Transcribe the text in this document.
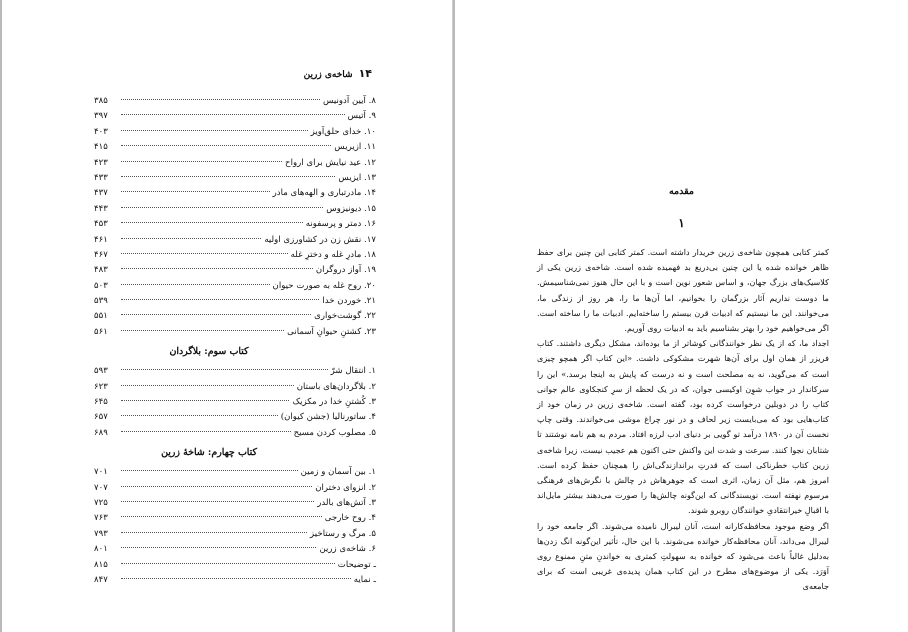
۱۴
شاخه‌ی زرین
۸. آیین آدونیس
۳۸۵
۹. آتیس
۳۹۷
۱۰. خدای حلق‌آویز
۴۰۳
۱۱. ازیریس
۴۱۵
۱۲. عید نیایش برای ارواح
۴۲۳
۱۳. ایزیس
۴۳۳
۱۴. مادرتباری و الهه‌های مادر
۴۳۷
۱۵. دیونیزوس
۴۴۳
۱۶. دمتر و پرسفونه
۴۵۳
۱۷. نقش زن در کشاورزی اولیه
۴۶۱
۱۸. مادرِ غله و دخترِ غله
۴۶۷
۱۹. آواز دروگران
۴۸۳
۲۰. روح غله به صورت حیوان
۵۰۳
۲۱. خوردن خدا
۵۳۹
۲۲. گوشت‌خواری
۵۵۱
۲۳. کشتنِ حیوانِ آسمانی
۵۶۱
کتاب سوم: بلاگردان
۱. انتقال شرّ
۵۹۳
۲. بلاگردان‌های باستان
۶۲۳
۳. کُشتنِ خدا در مکزیک
۶۴۵
۴. ساتورنالیا (جشن کیوان)
۶۵۷
۵. مصلوب کردن مسیح
۶۸۹
کتاب چهارم: شاخهٔ زرین
۱. بین آسمان و زمین
۷۰۱
۲. انزوای دختران
۷۰۷
۳. آتش‌های بالدر
۷۲۵
۴. روح خارجی
۷۶۳
۵. مرگ و رستاخیز
۷۹۳
۶. شاخه‌ی زرین
۸۰۱
ـ توضیحات
۸۱۵
ـ نمایه
۸۴۷
مقدمه
۱

کمتر کتابی همچون شاخه‌ی زرین خریدار داشته است. کمتر کتابی این چنین برای حفظ ظاهر خوانده شده یا این چنین بی‌دریغ بد فهمیده شده است. شاخه‌ی زرین یکی از کلاسیک‌های بزرگ جهان، و اساس شعور نوین است و با این حال هنوز نمی‌شناسیمش. ما دوست نداریم آثار بزرگمان را بخوانیم، اما آن‌ها ما را، هر روز از زندگی ما، می‌خوانند. این ما نیستیم که ادبیات قرن بیستم را ساخته‌ایم. ادبیات ما را ساخته است. اگر می‌خواهیم خود را بهتر بشناسیم باید به ادبیات روی آوریم.

اجداد ما، که از یک نظر خوانندگانی کوشاتر از ما بوده‌اند، مشکل دیگری داشتند. کتاب فریزر از همان اول برای آن‌ها شهرت مشکوکی داشت. «این کتاب اگر همچو چیزی است که می‌گوید، نه به مصلحت است و نه درست که پایش به اینجا برسد.» این را سرکاندار در جواب شوِن اوکیسی جوان، که در یک لحظه از سرِ کنجکاوی عالم جوانی کتاب را در دوبلین درخواست کرده بود، گفته است. شاخه‌ی زرین در زمان خود از کتاب‌هایی بود که می‌بایست زیر لحاف و در نور چراغ موشی می‌خواندند. وقتی چاپ نخست آن در ۱۸۹۰ درآمد تو گویی بر دنیای ادب لرزه افتاد. مردم به هم نامه نوشتند تا شتابان نجوا کنند. سرعت و شدت این واکنش حتی اکنون هم عجیب نیست، زیرا شاخه‌ی زرین کتاب خطرناکی است که قدرتِ براندازندگی‌اش را همچنان حفظ کرده است. امروز هم، مثل آن زمان، اثری است که جوهرهاش در چالش با نگرش‌های فرهنگی مرسوم نهفته است. نویسندگانی که این‌گونه چالش‌ها را صورت می‌دهند بیشتر مایل‌اند با اقبالِ خیرانتقادیِ خوانندگان روبرو شوند.

اگر وضع موجود محافظه‌کارانه است، آنان لیبرال نامیده می‌شوند. اگر جامعه خود را لیبرال می‌داند، آنان محافظه‌کار خوانده می‌شوند. با این حال، تأثیر این‌گونه انگ زدن‌ها به‌دلیل غالباً باعث می‌شود که خوانده به سهولتِ کمتری به خواندنِ متنِ ممنوع روی آوَرَد. یکی از موضوع‌های مطرح در این کتاب همان پدیده‌ی غریبی است که برای جامعه‌ی
